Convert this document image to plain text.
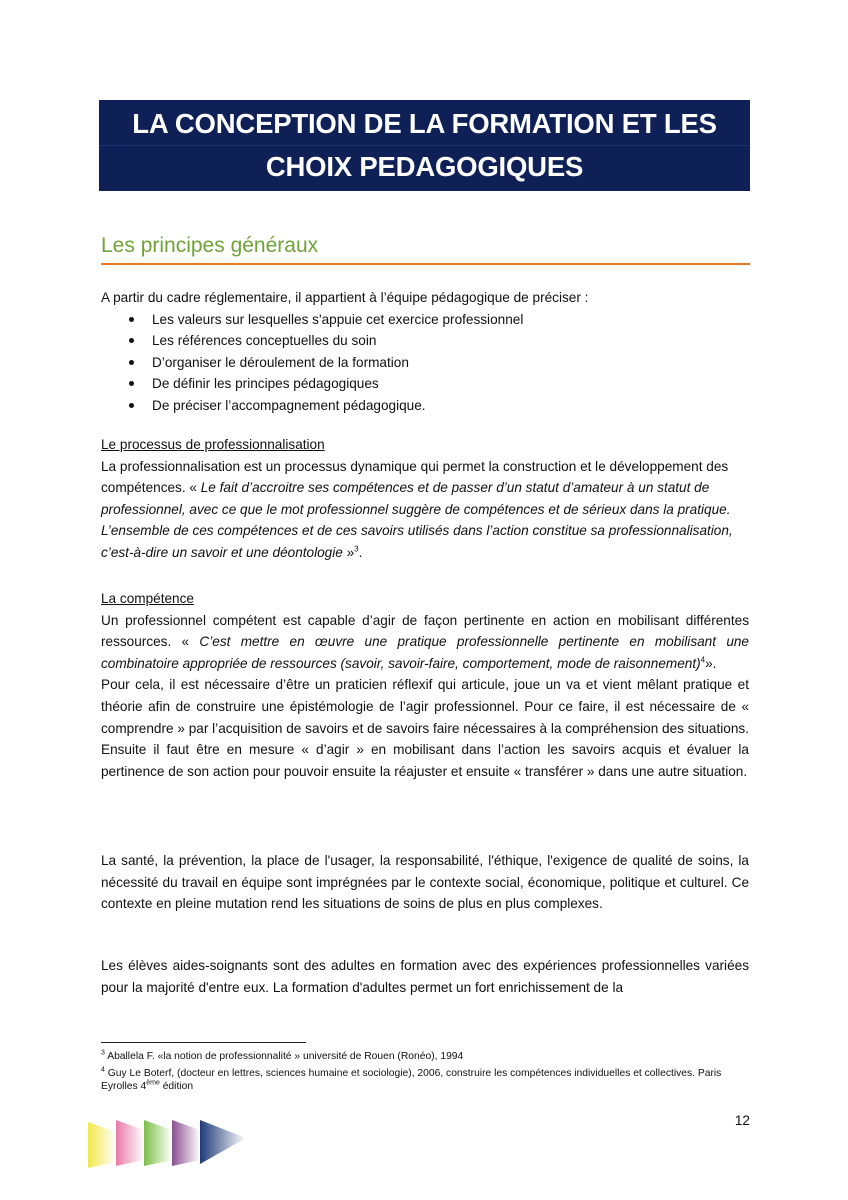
LA CONCEPTION DE LA FORMATION ET LES
CHOIX PEDAGOGIQUES
Les principes généraux

A partir du cadre réglementaire, il appartient à l’équipe pédagogique de préciser :

Les valeurs sur lesquelles s'appuie cet exercice professionnel
Les références conceptuelles du soin
D’organiser le déroulement de la formation
De définir les principes pédagogiques
De préciser l’accompagnement pédagogique.

Le processus de professionnalisation

La professionnalisation est un processus dynamique qui permet la construction et le développement des compétences. « Le fait d’accroitre ses compétences et de passer d’un statut d’amateur à un statut de professionnel, avec ce que le mot professionnel suggère de compétences et de sérieux dans la pratique. L’ensemble de ces compétences et de ces savoirs utilisés dans l’action constitue sa professionnalisation, c’est-à-dire un savoir et une déontologie »$^3$.

La compétence

Un professionnel compétent est capable d’agir de façon pertinente en action en mobilisant différentes ressources. « C’est mettre en œuvre une pratique professionnelle pertinente en mobilisant une combinatoire appropriée de ressources (savoir, savoir-faire, comportement, mode de raisonnement)$^4$».

Pour cela, il est nécessaire d’être un praticien réflexif qui articule, joue un va et vient mêlant pratique et théorie afin de construire une épistémologie de l’agir professionnel. Pour ce faire, il est nécessaire de « comprendre » par l’acquisition de savoirs et de savoirs faire nécessaires à la compréhension des situations. Ensuite il faut être en mesure « d’agir » en mobilisant dans l’action les savoirs acquis et évaluer la pertinence de son action pour pouvoir ensuite la réajuster et ensuite « transférer » dans une autre situation.

La santé, la prévention, la place de l'usager, la responsabilité, l'éthique, l'exigence de qualité de soins, la nécessité du travail en équipe sont imprégnées par le contexte social, économique, politique et culturel. Ce contexte en pleine mutation rend les situations de soins de plus en plus complexes.

Les élèves aides-soignants sont des adultes en formation avec des expériences professionnelles variées pour la majorité d'entre eux. La formation d'adultes permet un fort enrichissement de la

$^3$ Aballela F. «la notion de professionnalité » université de Rouen (Ronéo), 1994

$^4$ Guy Le Boterf, (docteur en lettres, sciences humaine et sociologie), 2006, construire les compétences individuelles et collectives. Paris Eyrolles 4ème édition

12
